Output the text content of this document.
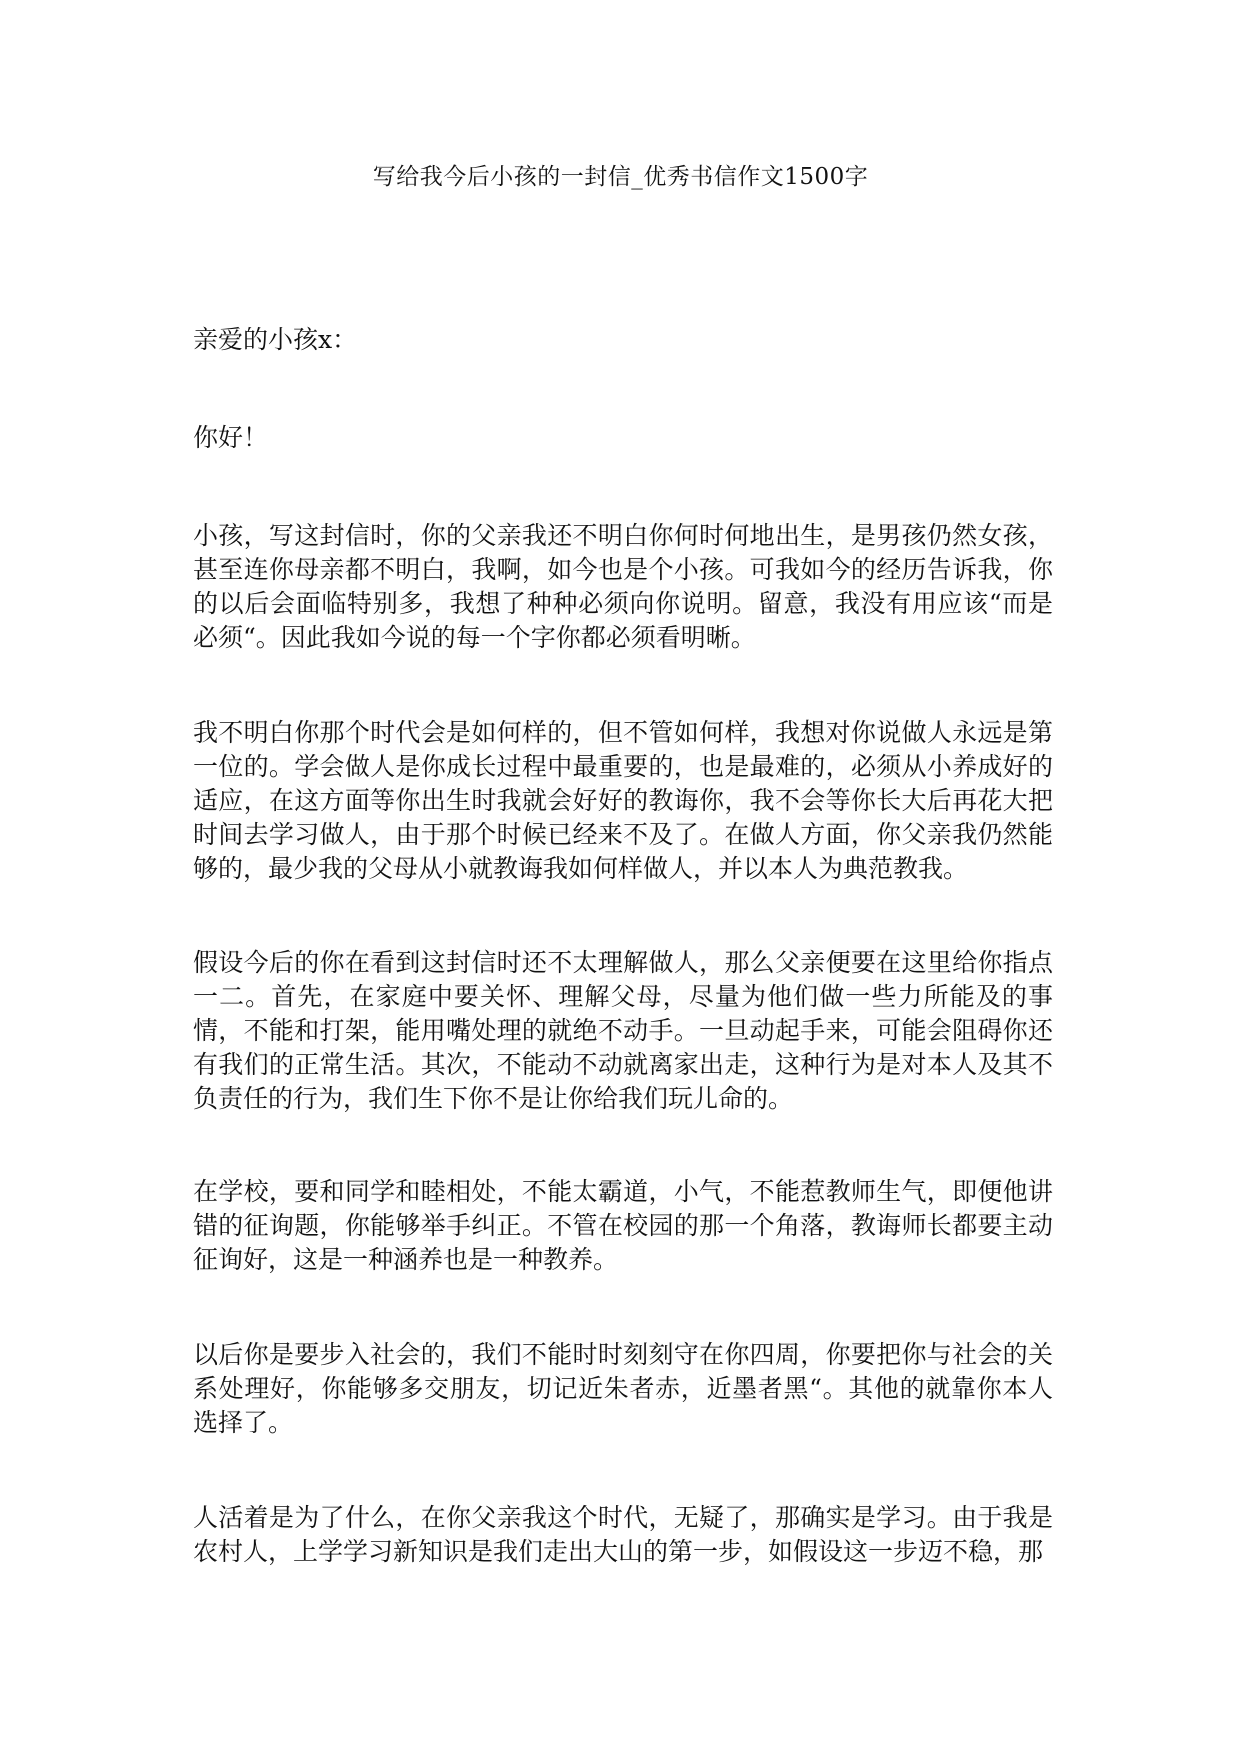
写给我今后小孩的一封信_优秀书信作文1500字

亲爱的小孩x：

你好！

小孩，写这封信时，你的父亲我还不明白你何时何地出生，是男孩仍然女孩，甚至连你母亲都不明白，我啊，如今也是个小孩。可我如今的经历告诉我，你的以后会面临特别多，我想了种种必须向你说明。留意，我没有用应该“而是必须“。因此我如今说的每一个字你都必须看明晰。

我不明白你那个时代会是如何样的，但不管如何样，我想对你说做人永远是第一位的。学会做人是你成长过程中最重要的，也是最难的，必须从小养成好的适应，在这方面等你出生时我就会好好的教诲你，我不会等你长大后再花大把时间去学习做人，由于那个时候已经来不及了。在做人方面，你父亲我仍然能够的，最少我的父母从小就教诲我如何样做人，并以本人为典范教我。

假设今后的你在看到这封信时还不太理解做人，那么父亲便要在这里给你指点一二。首先，在家庭中要关怀、理解父母，尽量为他们做一些力所能及的事情，不能和打架，能用嘴处理的就绝不动手。一旦动起手来，可能会阻碍你还有我们的正常生活。其次，不能动不动就离家出走，这种行为是对本人及其不负责任的行为，我们生下你不是让你给我们玩儿命的。

在学校，要和同学和睦相处，不能太霸道，小气，不能惹教师生气，即便他讲错的征询题，你能够举手纠正。不管在校园的那一个角落，教诲师长都要主动征询好，这是一种涵养也是一种教养。

以后你是要步入社会的，我们不能时时刻刻守在你四周，你要把你与社会的关系处理好，你能够多交朋友，切记近朱者赤，近墨者黑“。其他的就靠你本人选择了。

人活着是为了什么，在你父亲我这个时代，无疑了，那确实是学习。由于我是农村人，上学学习新知识是我们走出大山的第一步，如假设这一步迈不稳，那
